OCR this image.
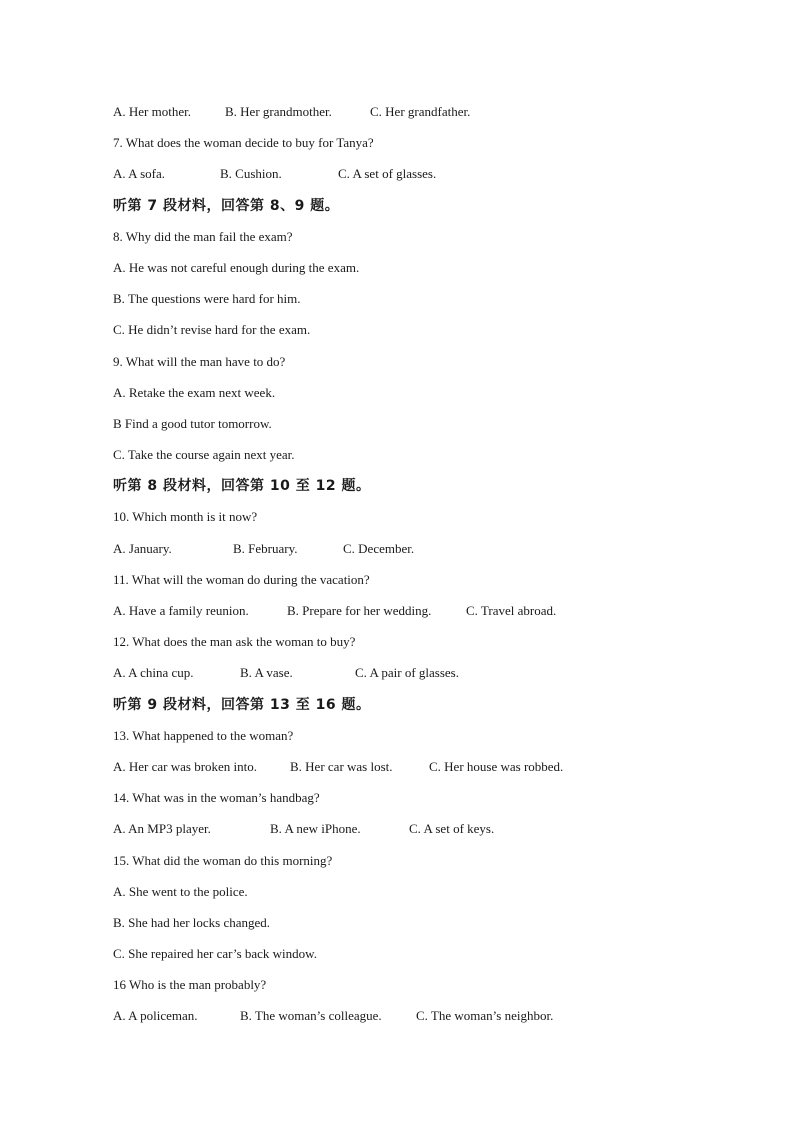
A. Her mother.	B. Her grandmother.	C. Her grandfather.
7. What does the woman decide to buy for Tanya?
A. A sofa.	B. Cushion.	C. A set of glasses.
听第 7 段材料，回答第 8、9 题。
8. Why did the man fail the exam?
A. He was not careful enough during the exam.
B. The questions were hard for him.
C. He didn’t revise hard for the exam.
9. What will the man have to do?
A. Retake the exam next week.
B Find a good tutor tomorrow.
C. Take the course again next year.
听第 8 段材料，回答第 10 至 12 题。
10. Which month is it now?
A. January.	B. February.	C. December.
11. What will the woman do during the vacation?
A. Have a family reunion.	B. Prepare for her wedding.	C. Travel abroad.
12. What does the man ask the woman to buy?
A. A china cup.	B. A vase.	C. A pair of glasses.
听第 9 段材料，回答第 13 至 16 题。
13. What happened to the woman?
A. Her car was broken into.	B. Her car was lost.	C. Her house was robbed.
14. What was in the woman’s handbag?
A. An MP3 player.	B. A new iPhone.	C. A set of keys.
15. What did the woman do this morning?
A. She went to the police.
B. She had her locks changed.
C. She repaired her car’s back window.
16 Who is the man probably?
A. A policeman.	B. The woman’s colleague.	C. The woman’s neighbor.
